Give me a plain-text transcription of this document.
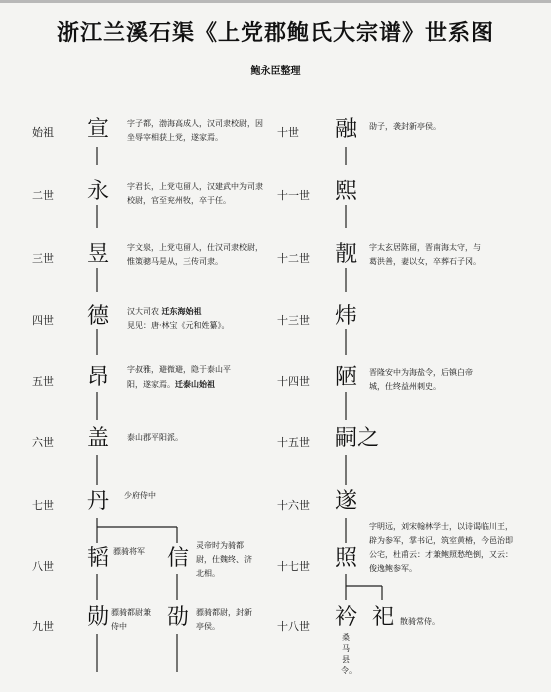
浙江兰溪石渠《上党郡鲍氏大宗谱》世系图
鲍永臣整理
始祖 宣 字子都，渤海高成人，汉司隶校尉，因坐辱宰相获上党，遂家焉。
二世 永 字君长，上党屯留人，汉建武中为司隶校尉，官至兖州牧，卒于任。
三世 昱 字文泉，上党屯留人，仕汉司隶校尉，惟策骢马是从，三传司隶。
四世 德 汉大司农 迁东海始祖
見见：唐·林宝《元和姓纂》。
五世 昂 字叔雅，避微避，隐于泰山平阳，遂家焉。迁泰山始祖
六世 盖 泰山郡平阳派。
七世 丹 少府侍中
八世 韬 骠骑将军 信
灵帝时为骑都尉，仕魏终、济北相。
九世 勋 骠骑都尉兼侍中	劭 骠骑都尉，封新亭侯。
十世 融 劭子，袭封新亭侯。
十一世 熙
十二世 靓 字太玄居陈留，晋南海太守，与葛洪善，妻以女，卒葬石子冈。
十三世 炜
十四世 陋 晋隆安中为海盐令，后镇白帝城，仕终益州刺史。
十五世 嗣之
十六世 遂
十七世 照
字明远，刘宋翰林学士，以诗谒临川王，辟为参军，掌书记，筑室黄椿，今邑治即公宅，杜甫云：才兼鲍照愁绝倒，又云：俊逸鲍参军。
十八世 衿
桑马县令。
祀 散骑常侍。
